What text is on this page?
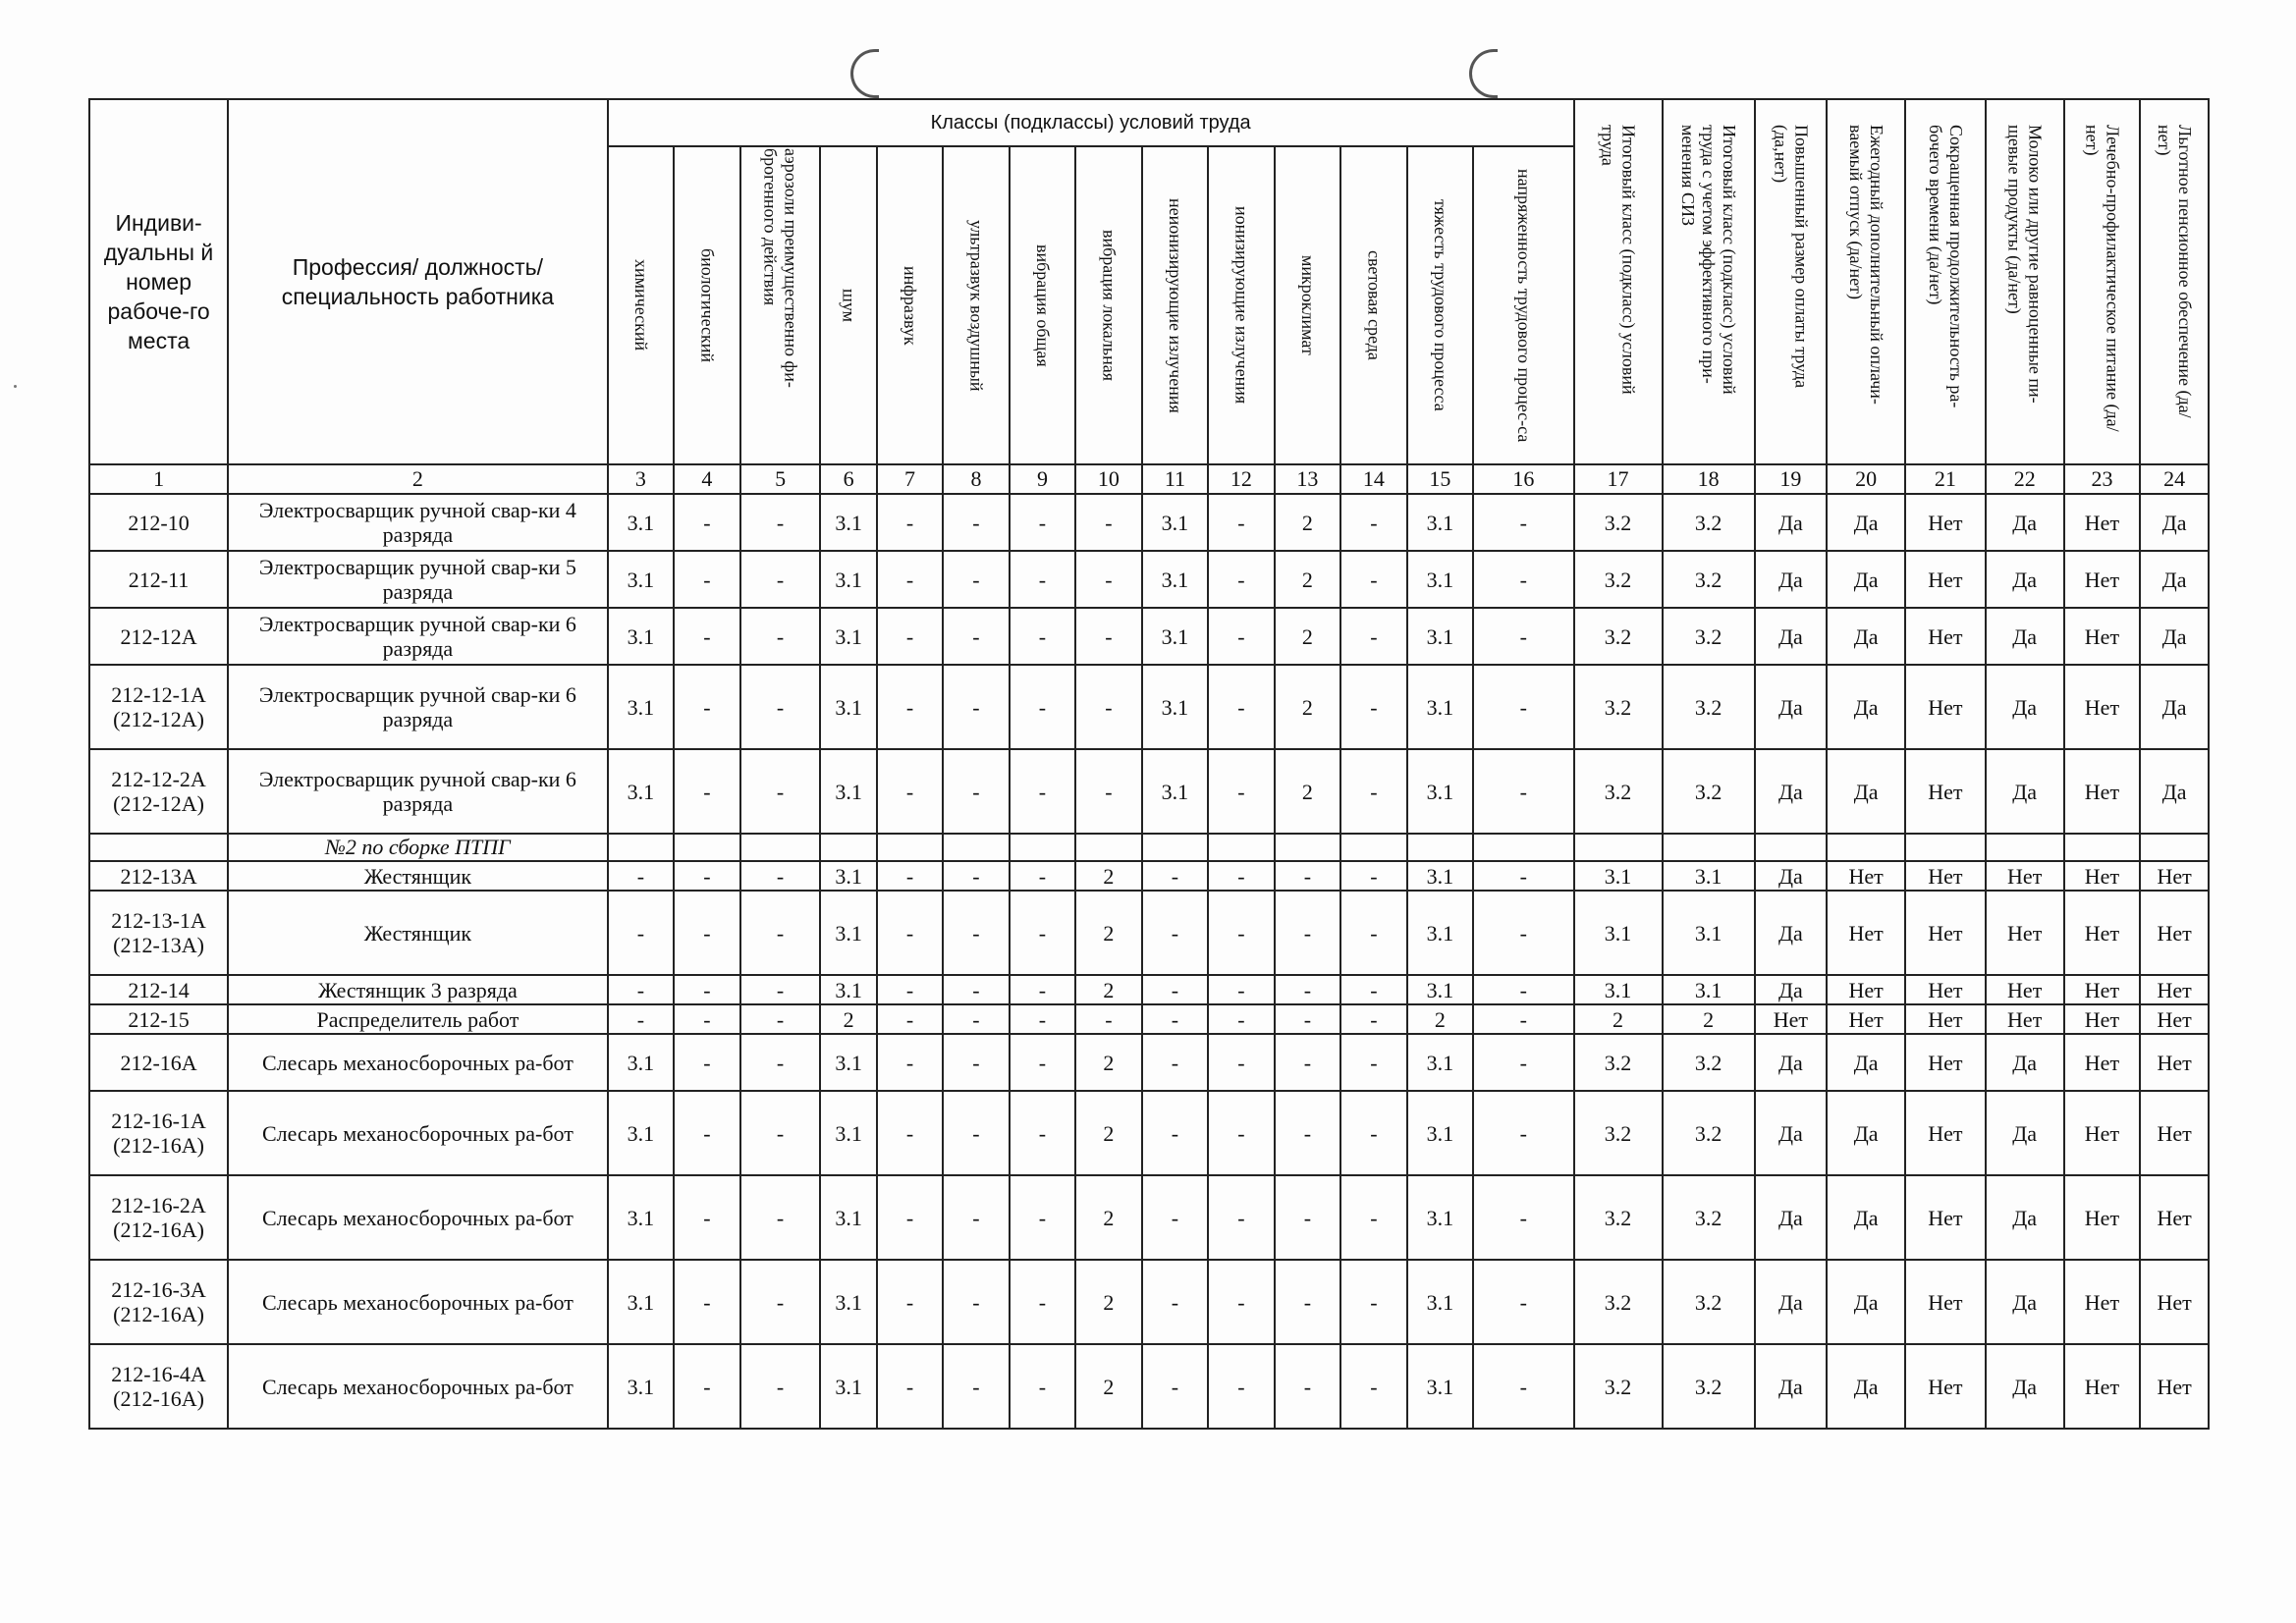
Индиви-дуальны й номер рабоче-го места	Профессия/ должность/ специальность работника	Классы (подклассы) условий труда														Итоговый класс (подкласс) условий труда	Итоговый класс (подкласс) условий труда с учетом эффективного при-менения СИЗ	Повышенный размер оплаты труда (да,нет)	Ежегодный дополнительный оплачи-ваемый отпуск (да/нет)	Сокращенная продолжительность ра-бочего времени (да/нет)	Молоко или другие равноценные пи-щевые продукты (да/нет)	Лечебно-профилактическое питание (да/нет)	Льготное пенсионное обеспечение (да/нет)

		химический	биологический	аэрозоли преимущественно фи-брогенного действия	шум	инфразвук	ультразвук воздушный	вибрация общая	вибрация локальная	неионизирующие излучения	ионизирующие излучения	микроклимат	световая среда	тяжесть трудового процесса	напряженность трудового процес-са								

1	2	3	4	5	6	7	8	9	10	11	12	13	14	15	16	17	18	19	20	21	22	23	24
212-10	Электросварщик ручной свар-ки 4 разряда	3.1	-	-	3.1	-	-	-	-	3.1	-	2	-	3.1	-	3.2	3.2	Да	Да	Нет	Да	Нет	Да
212-11	Электросварщик ручной свар-ки 5 разряда	3.1	-	-	3.1	-	-	-	-	3.1	-	2	-	3.1	-	3.2	3.2	Да	Да	Нет	Да	Нет	Да
212-12А	Электросварщик ручной свар-ки 6 разряда	3.1	-	-	3.1	-	-	-	-	3.1	-	2	-	3.1	-	3.2	3.2	Да	Да	Нет	Да	Нет	Да
212-12-1А (212-12А)	Электросварщик ручной свар-ки 6 разряда	3.1	-	-	3.1	-	-	-	-	3.1	-	2	-	3.1	-	3.2	3.2	Да	Да	Нет	Да	Нет	Да
212-12-2А (212-12А)	Электросварщик ручной свар-ки 6 разряда	3.1	-	-	3.1	-	-	-	-	3.1	-	2	-	3.1	-	3.2	3.2	Да	Да	Нет	Да	Нет	Да
	№2 по сборке ПТПГ																						
212-13А	Жестянщик	-	-	-	3.1	-	-	-	2	-	-	-	-	3.1	-	3.1	3.1	Да	Нет	Нет	Нет	Нет	Нет
212-13-1А (212-13А)	Жестянщик	-	-	-	3.1	-	-	-	2	-	-	-	-	3.1	-	3.1	3.1	Да	Нет	Нет	Нет	Нет	Нет
212-14	Жестянщик 3 разряда	-	-	-	3.1	-	-	-	2	-	-	-	-	3.1	-	3.1	3.1	Да	Нет	Нет	Нет	Нет	Нет
212-15	Распределитель работ	-	-	-	2	-	-	-	-	-	-	-	-	2	-	2	2	Нет	Нет	Нет	Нет	Нет	Нет
212-16А	Слесарь механосборочных ра-бот	3.1	-	-	3.1	-	-	-	2	-	-	-	-	3.1	-	3.2	3.2	Да	Да	Нет	Да	Нет	Нет
212-16-1А (212-16А)	Слесарь механосборочных ра-бот	3.1	-	-	3.1	-	-	-	2	-	-	-	-	3.1	-	3.2	3.2	Да	Да	Нет	Да	Нет	Нет
212-16-2А (212-16А)	Слесарь механосборочных ра-бот	3.1	-	-	3.1	-	-	-	2	-	-	-	-	3.1	-	3.2	3.2	Да	Да	Нет	Да	Нет	Нет
212-16-3А (212-16А)	Слесарь механосборочных ра-бот	3.1	-	-	3.1	-	-	-	2	-	-	-	-	3.1	-	3.2	3.2	Да	Да	Нет	Да	Нет	Нет
212-16-4А (212-16А)	Слесарь механосборочных ра-бот	3.1	-	-	3.1	-	-	-	2	-	-	-	-	3.1	-	3.2	3.2	Да	Да	Нет	Да	Нет	Нет
